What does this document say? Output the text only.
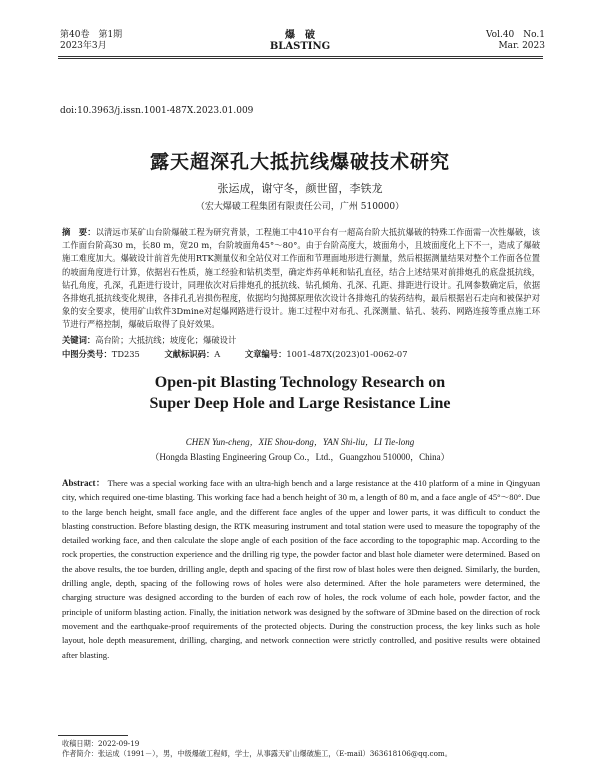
第40卷　第1期
2023年3月
爆　破
BLASTING
Vol.40　No.1
Mar. 2023
doi:10.3963/j.issn.1001-487X.2023.01.009
露天超深孔大抵抗线爆破技术研究
张运成，谢守冬，颜世留，李铁龙
（宏大爆破工程集团有限责任公司，广州 510000）
摘　要：以清远市某矿山台阶爆破工程为研究背景，工程施工中410平台有一超高台阶大抵抗爆破的特殊工作面需一次性爆破，该工作面台阶高30 m，长80 m，宽20 m，台阶坡面角45°～80°。由于台阶高度大，坡面角小，且坡面度化上下不一，造成了爆破施工难度加大。爆破设计前首先使用RTK测量仪和全站仪对工作面和节理面地形进行测量，然后根据测量结果对整个工作面各位置的坡面角度进行计算，依据岩石性质，施工经验和钻机类型，确定炸药单耗和钻孔直径，结合上述结果对前排炮孔的底盘抵抗线，钻孔角度，孔深，孔距进行设计，同理依次对后排炮孔的抵抗线、钻孔倾角、孔深、孔距、排距进行设计。孔网参数确定后，依据各排炮孔抵抗线变化规律，各排孔孔岩损伤程度，依据均匀抛掷原理依次设计各排炮孔的装药结构，最后根据岩石走向和被保护对象的安全要求，使用矿山软件3Dmine对起爆网路进行设计。施工过程中对布孔、孔深测量、钻孔、装药、网路连接等重点施工环节进行严格控制，爆破后取得了良好效果。
关键词：高台阶；大抵抗线；坡度化；爆破设计
中图分类号：TD235	文献标识码：A	文章编号：1001-487X(2023)01-0062-07
Open-pit Blasting Technology Research on
Super Deep Hole and Large Resistance Line
CHEN Yun-cheng，XIE Shou-dong，YAN Shi-liu，LI Tie-long
（Hongda Blasting Engineering Group Co.，Ltd.，Guangzhou 510000，China）
Abstract： There was a special working face with an ultra-high bench and a large resistance at the 410 platform of a mine in Qingyuan city, which required one-time blasting. This working face had a bench height of 30 m, a length of 80 m, and a face angle of 45°～80°. Due to the large bench height, small face angle, and the different face angles of the upper and lower parts, it was difficult to conduct the blasting construction. Before blasting design, the RTK measuring instrument and total station were used to measure the topography of the detailed working face, and then calculate the slope angle of each position of the face according to the topographic map. According to the rock properties, the construction experience and the drilling rig type, the powder factor and blast hole diameter were determined. Based on the above results, the toe burden, drilling angle, depth and spacing of the first row of blast holes were then deigned. Similarly, the burden, drilling angle, depth, spacing of the following rows of holes were also determined. After the hole parameters were determined, the charging structure was designed according to the burden of each row of holes, the rock volume of each hole, powder factor, and the principle of uniform blasting action. Finally, the initiation network was designed by the software of 3Dmine based on the direction of rock movement and the earthquake-proof requirements of the protected objects. During the construction process, the key links such as hole layout, hole depth measurement, drilling, charging, and network connection were strictly controlled, and positive results were obtained after blasting.
收稿日期：2022-09-19
作者简介：张运成（1991－），男，中级爆破工程师，学士，从事露天矿山爆破施工，（E-mail）363618106@qq.com。
